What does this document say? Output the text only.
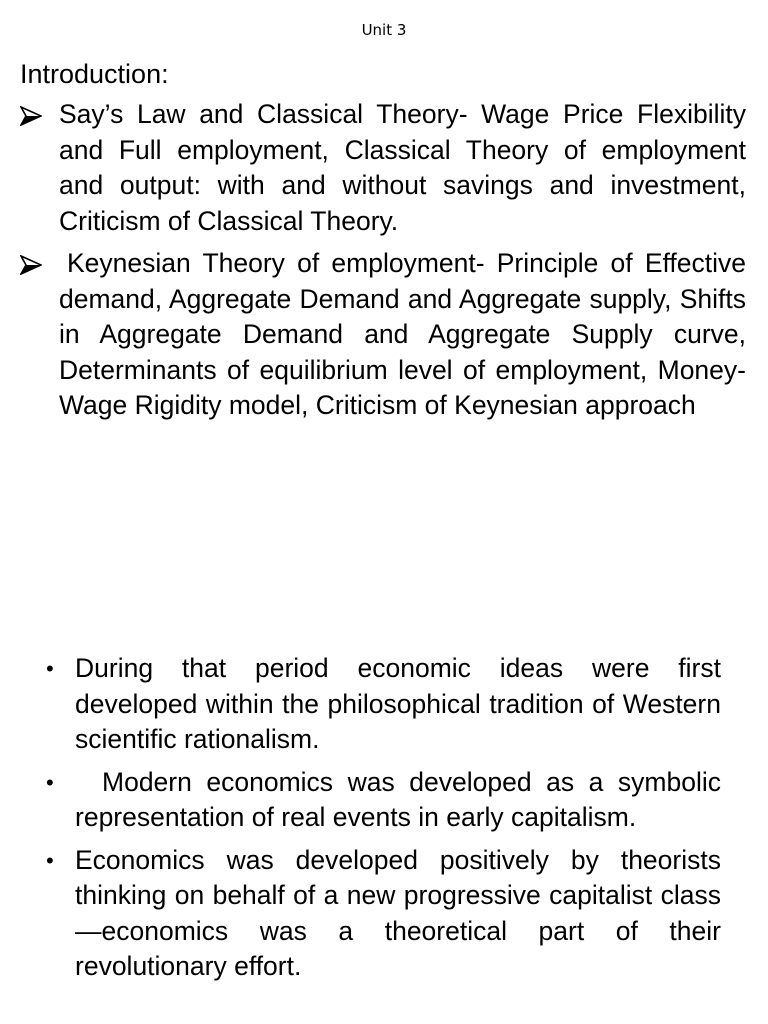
Unit 3
Introduction:
Say’s Law and Classical Theory- Wage Price Flexibility and Full employment, Classical Theory of employment and output: with and without savings and investment, Criticism of Classical Theory.
Keynesian Theory of employment- Principle of Effective demand, Aggregate Demand and Aggregate supply, Shifts in Aggregate Demand and Aggregate Supply curve, Determinants of equilibrium level of employment, Money-Wage Rigidity model, Criticism of Keynesian approach
• During that period economic ideas were first developed within the philosophical tradition of Western scientific rationalism.
• Modern economics was developed as a symbolic representation of real events in early capitalism.
• Economics was developed positively by theorists thinking on behalf of a new progressive capitalist class—economics was a theoretical part of their revolutionary effort.
